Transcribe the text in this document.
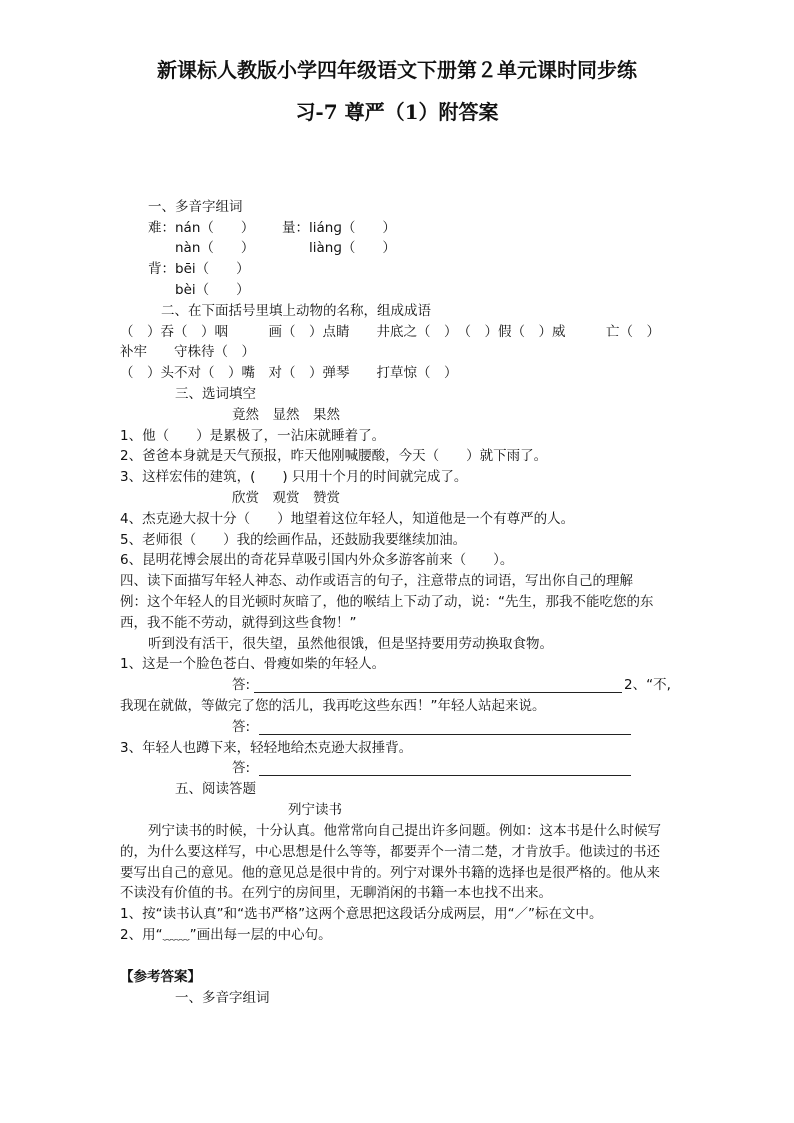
新课标人教版小学四年级语文下册第２单元课时同步练
习-7 尊严（1）附答案
一、多音字组词
难：nán（　　） 量：liánɡ（　　）
nàn（　　）	liànɡ（　　）
背：bēi（　　）
bèi（　　）
二、在下面括号里填上动物的名称，组成成语
（　）吞（　）咽　　　画（　）点睛　　井底之（　）　（　）假（　）威　　　亡（　）
补牢　　守株待（　）
（　）头不对（　）嘴　对（　）弹琴　　打草惊（　）
三、选词填空
竟然　显然　果然
1、他（　　）是累极了，一沾床就睡着了。
2、爸爸本身就是天气预报，昨天他刚喊腰酸，今天（　　）就下雨了。
3、这样宏伟的建筑，(　　) 只用十个月的时间就完成了。
欣赏　观赏　赞赏
4、杰克逊大叔十分（　　）地望着这位年轻人，知道他是一个有尊严的人。
5、老师很（　　）我的绘画作品，还鼓励我要继续加油。
6、昆明花博会展出的奇花异草吸引国内外众多游客前来（　　）。
四、读下面描写年轻人神态、动作或语言的句子，注意带点的词语，写出你自己的理解
例：这个年轻人的目光顿时灰暗了，他的喉结上下动了动，说：“先生，那我不能吃您的东
西，我不能不劳动，就得到这些食物！”
听到没有活干，很失望，虽然他很饿，但是坚持要用劳动换取食物。
1、这是一个脸色苍白、骨瘦如柴的年轻人。
答:	2、“不,
我现在就做，等做完了您的活儿，我再吃这些东西！”年轻人站起来说。
答:
3、年轻人也蹲下来，轻轻地给杰克逊大叔捶背。
答:
五、阅读答题
列宁读书
列宁读书的时候，十分认真。他常常向自己提出许多问题。例如：这本书是什么时候写
的，为什么要这样写，中心思想是什么等等，都要弄个一清二楚，才肯放手。他读过的书还
要写出自己的意见。他的意见总是很中肯的。列宁对课外书籍的选择也是很严格的。他从来
不读没有价值的书。在列宁的房间里，无聊消闲的书籍一本也找不出来。
1、按“读书认真”和“选书严格”这两个意思把这段话分成两层，用“／”标在文中。
2、用“﹏﹏”画出每一层的中心句。
【参考答案】
一、多音字组词
